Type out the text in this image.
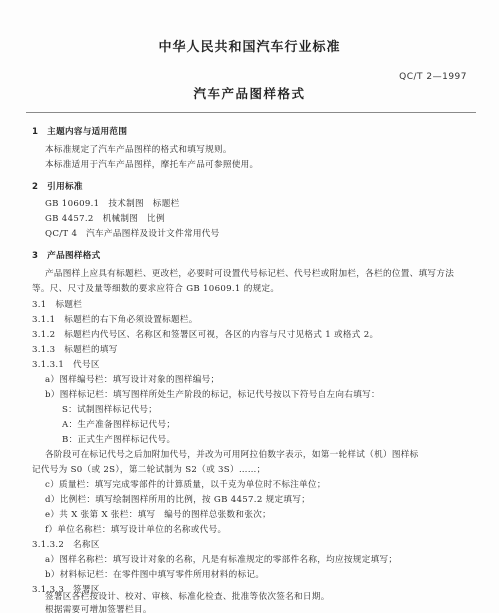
中华人民共和国汽车行业标准
QC/T 2—1997
汽车产品图样格式
1　主题内容与适用范围
本标准规定了汽车产品图样的格式和填写规则。
本标准适用于汽车产品图样，摩托车产品可参照使用。
2　引用标准
GB 10609.1　技术制图　标题栏
GB 4457.2　机械制图　比例
QC/T 4　汽车产品图样及设计文件常用代号
3　产品图样格式
产品图样上应具有标题栏、更改栏，必要时可设置代号标记栏、代号栏或附加栏，各栏的位置、填写方法
等。尺、尺寸及量等细数的要求应符合 GB 10609.1 的规定。
3.1　标题栏
3.1.1　标题栏的右下角必须设置标题栏。
3.1.2　标题栏内代号区、名称区和签署区可视，各区的内容与尺寸见格式 1 或格式 2。
3.1.3　标题栏的填写
3.1.3.1　代号区
a）图样编号栏：填写设计对象的图样编号；
b）图样标记栏：填写图样所处生产阶段的标记，标记代号按以下符号自左向右填写：
S：试制图样标记代号；
A：生产准备图样标记代号；
B：正式生产图样标记代号。
各阶段可在标记代号之后加附加代号，并改为可用阿拉伯数字表示，如第一轮样试（机）图样标
记代号为 S0（或 2S），第二轮试制为 S2（或 3S）……；
c）质量栏：填写完成零部件的计算质量，以千克为单位时不标注单位；
d）比例栏：填写绘制图样所用的比例，按 GB 4457.2 规定填写；
e）共 X 张第 X 张栏：填写　编号的图样总张数和张次；
f）单位名称栏：填写设计单位的名称或代号。
3.1.3.2　名称区
a）图样名称栏：填写设计对象的名称，凡是有标准规定的零部件名称，均应按规定填写；
b）材料标记栏：在零件图中填写零件所用材料的标记。
3.1.3.3　签署区
签署区各栏按设计、校对、审核、标准化检查、批准等依次签名和日期。
根据需要可增加签署栏目。
